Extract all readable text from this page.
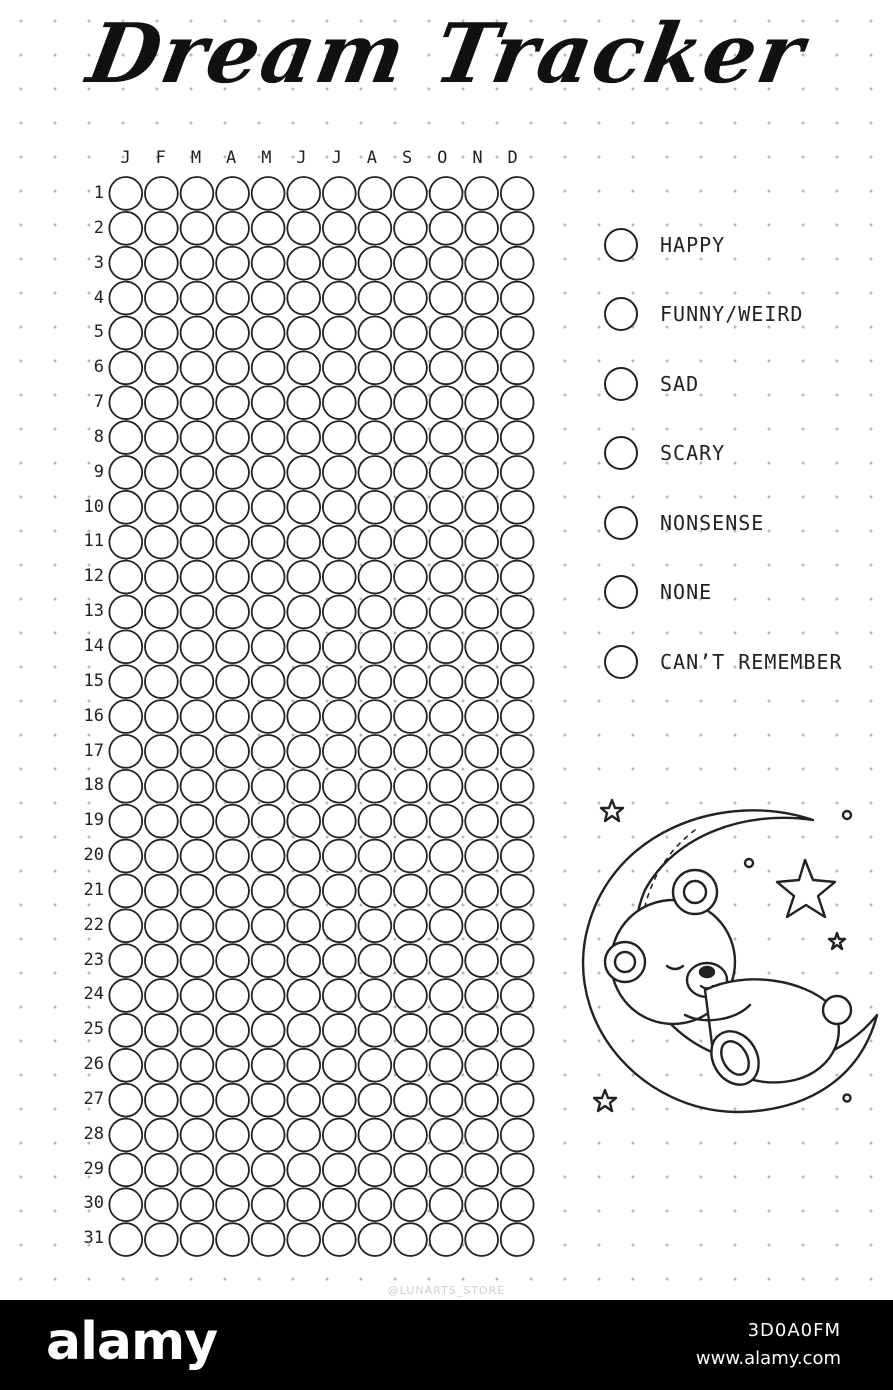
Dream Tracker
J	F	M	A	M	J	J	A	S	O	N	D
1
2
3
4
5
6
7
8
9
10
11
12
13
14
15
16
17
18
19
20
21
22
23
24
25
26
27
28
29
30
31
HAPPY
FUNNY/WEIRD
SAD
SCARY
NONSENSE
NONE
CAN’T REMEMBER
@LUNARTS_STORE
alamy	3D0A0FM
www.alamy.com
